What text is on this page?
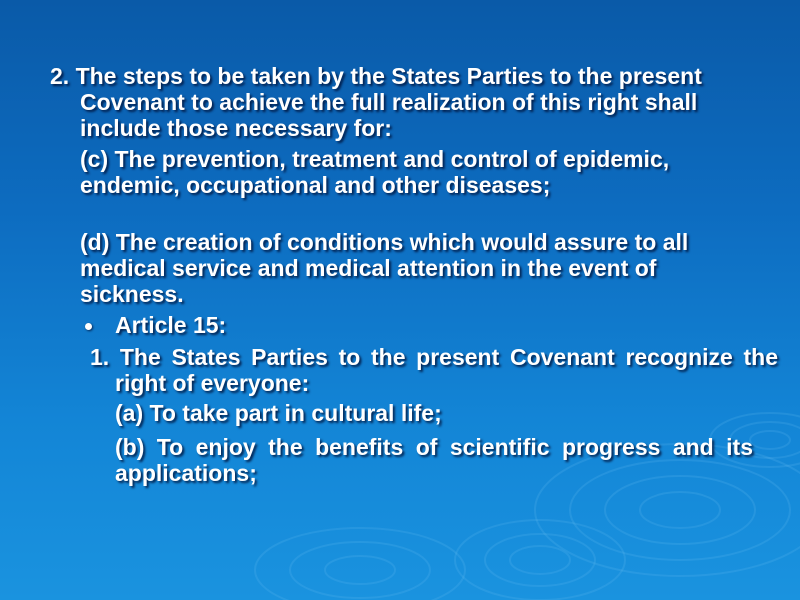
2. The steps to be taken by the States Parties to the present Covenant to achieve the full realization of this right shall include those necessary for:

(c) The prevention, treatment and control of epidemic, endemic, occupational and other diseases;

(d) The creation of conditions which would assure to all medical service and medical attention in the event of sickness.

Article 15:

1. The States Parties to the present Covenant recognize the right of everyone:

(a) To take part in cultural life;

(b) To enjoy the benefits of scientific progress and its applications;
